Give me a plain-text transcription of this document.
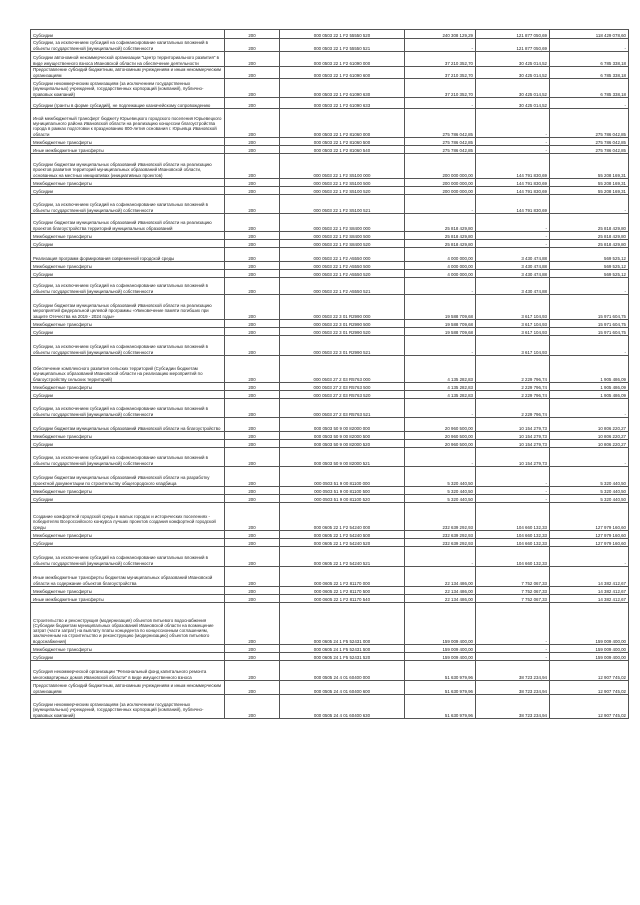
Субсидии	200	000 0503 22 1 F2 55550 520	240 308 129,29	121 877 050,69	118 429 078,60
Субсидии, за исключением субсидий на софинансирование капитальных вложений в объекты государственной (муниципальной) собственности	200	000 0503 22 1 F2 55550 521	-	121 877 050,69	-
Субсидии автономной некоммерческой организации "Центр территориального развития" в виде имущественного взноса Ивановской области на обеспечение деятельности	200	000 0503 22 1 F2 61090 000	37 210 352,70	30 425 014,52	6 785 338,18
Предоставление субсидий бюджетным, автономным учреждениям и иным некоммерческим организациям	200	000 0503 22 1 F2 61090 600	37 210 352,70	30 425 014,52	6 785 338,18
Субсидии некоммерческим организациям (за исключением государственных (муниципальных) учреждений, государственных корпораций (компаний), публично-правовых компаний)	200	000 0503 22 1 F2 61090 630	37 210 352,70	30 425 014,52	6 785 338,18
Субсидии (гранты в форме субсидий), не подлежащие казначейскому сопровождению	200	000 0503 22 1 F2 61090 633	-	30 425 014,52	-
Иной межбюджетный трансферт бюджету Юрьевецкого городского поселения Юрьевецкого муниципального района Ивановской области на реализацию концессии благоустройства города в рамках подготовки к празднованию 800-летия основания г. Юрьевца Ивановской области	200	000 0503 22 1 F2 81060 000	275 786 042,85	-	275 786 042,85
Межбюджетные трансферты	200	000 0503 22 1 F2 81060 500	275 786 042,85	-	275 786 042,85
Иные межбюджетные трансферты	200	000 0503 22 1 F2 81060 540	275 786 042,85	-	275 786 042,85
Субсидии бюджетам муниципальных образований Ивановской области на реализацию проектов развития территорий муниципальных образований Ивановской области, основанных на местных инициативах (инициативных проектов)	200	000 0503 22 1 F2 S5100 000	200 000 000,00	144 791 830,69	55 208 169,31
Межбюджетные трансферты	200	000 0503 22 1 F2 S5100 500	200 000 000,00	144 791 830,69	55 208 169,31
Субсидии	200	000 0503 22 1 F2 S5100 520	200 000 000,00	144 791 830,69	55 208 169,31
Субсидии, за исключением субсидий на софинансирование капитальных вложений в объекты государственной (муниципальной) собственности	200	000 0503 22 1 F2 S5100 521	-	144 791 830,69	-
Субсидии бюджетам муниципальных образований Ивановской области на реализацию проектов благоустройства территорий муниципальных образований	200	000 0503 22 1 F2 S8400 000	25 818 429,80	-	25 818 429,80
Межбюджетные трансферты	200	000 0503 22 1 F2 S8400 500	25 818 429,80	-	25 818 429,80
Субсидии	200	000 0503 22 1 F2 S8400 520	25 818 429,80	-	25 818 429,80
Реализация программ формирования современной городской среды	200	000 0503 22 1 F2 А5550 000	4 000 000,00	3 430 474,88	569 525,12
Межбюджетные трансферты	200	000 0503 22 1 F2 А5550 500	4 000 000,00	3 430 474,88	569 525,12
Субсидии	200	000 0503 22 1 F2 А5550 520	4 000 000,00	3 430 474,88	569 525,12
Субсидии, за исключением субсидий на софинансирование капитальных вложений в объекты государственной (муниципальной) собственности	200	000 0503 22 1 F2 А5550 521	-	3 430 474,88	-
Субсидии бюджетам муниципальных образований Ивановской области на реализацию мероприятий федеральной целевой программы «Увековечение памяти погибших при защите Отечества на 2019 - 2024 годы»	200	000 0503 22 3 01 R2990 000	19 588 709,68	3 617 104,93	15 971 604,75
Межбюджетные трансферты	200	000 0503 22 3 01 R2990 500	19 588 709,68	3 617 104,93	15 971 604,75
Субсидии	200	000 0503 22 3 01 R2990 520	19 588 709,68	3 617 104,93	15 971 604,75
Субсидии, за исключением субсидий на софинансирование капитальных вложений в объекты государственной (муниципальной) собственности	200	000 0503 22 3 01 R2990 521	-	3 617 104,93	-
Обеспечение комплексного развития сельских территорий (Субсидии бюджетам муниципальных образований Ивановской области на реализацию мероприятий по благоустройству сельских территорий)	200	000 0503 27 2 03 R5763 000	4 135 282,83	2 229 796,74	1 905 486,09
Межбюджетные трансферты	200	000 0503 27 2 03 R5763 500	4 135 282,83	2 229 796,74	1 905 486,09
Субсидии	200	000 0503 27 2 03 R5763 520	4 135 282,83	2 229 796,74	1 905 486,09
Субсидии, за исключением субсидий на софинансирование капитальных вложений в объекты государственной (муниципальной) собственности	200	000 0503 27 2 03 R5763 521	-	2 229 796,74	-
Субсидии бюджетам муниципальных образований Ивановской области на благоустройство	200	000 0503 50 9 00 82000 000	20 960 500,00	10 154 279,73	10 806 220,27
Межбюджетные трансферты	200	000 0503 50 9 00 82000 500	20 960 500,00	10 154 279,73	10 806 220,27
Субсидии	200	000 0503 50 9 00 82000 520	20 960 500,00	10 154 279,73	10 806 220,27
Субсидии, за исключением субсидий на софинансирование капитальных вложений в объекты государственной (муниципальной) собственности	200	000 0503 50 9 00 82000 521	-	10 154 279,73	-
Субсидии бюджетам муниципальных образований Ивановской области на разработку проектной документации по строительству общегородского кладбища	200	000 0503 51 9 00 81100 000	5 320 440,50	-	5 320 440,50
Межбюджетные трансферты	200	000 0503 51 9 00 81100 500	5 320 440,50	-	5 320 440,50
Субсидии	200	000 0503 51 9 00 81100 520	5 320 440,50	-	5 320 440,50
Создание комфортной городской среды в малых городах и исторических поселениях - победителях Всероссийского конкурса лучших проектов создания комфортной городской среды	200	000 0605 22 1 F2 54240 000	232 639 292,93	104 660 132,33	127 979 160,60
Межбюджетные трансферты	200	000 0605 22 1 F2 54240 500	232 639 292,93	104 660 132,33	127 979 160,60
Субсидии	200	000 0605 22 1 F2 54240 520	232 639 292,93	104 660 132,33	127 979 160,60
Субсидии, за исключением субсидий на софинансирование капитальных вложений в объекты государственной (муниципальной) собственности	200	000 0605 22 1 F2 54240 521	-	104 660 132,33	-
Иные межбюджетные трансферты бюджетам муниципальных образований Ивановской области на содержание объектов благоустройства	200	000 0605 22 1 F2 81170 000	22 134 486,00	7 752 067,33	14 382 412,67
Межбюджетные трансферты	200	000 0605 22 1 F2 81170 500	22 134 486,00	7 752 067,33	14 382 412,67
Иные межбюджетные трансферты	200	000 0605 22 1 F2 81170 540	22 134 486,00	7 752 067,33	14 382 412,67
Строительство и реконструкция (модернизация) объектов питьевого водоснабжения (Субсидии бюджетам муниципальных образований Ивановской области на возмещение затрат (части затрат) на выплату платы концедента по концессионным соглашениям, заключенным на строительство и реконструкцию (модернизацию) объектов питьевого водоснабжения)	200	000 0605 24 1 F5 52431 000	159 009 400,00	-	159 009 400,00
Межбюджетные трансферты	200	000 0605 24 1 F5 52431 500	159 009 400,00	-	159 009 400,00
Субсидии	200	000 0605 24 1 F5 52431 520	159 009 400,00	-	159 009 400,00
Субсидия некоммерческой организации "Региональный фонд капитального ремонта многоквартирных домов Ивановской области" в виде имущественного взноса	200	000 0505 24 4 01 60400 000	51 630 979,96	38 723 234,94	12 907 745,02
Предоставление субсидий бюджетным, автономным учреждениям и иным некоммерческим организациям	200	000 0505 24 4 01 60400 600	51 630 979,96	38 723 234,94	12 907 745,02
Субсидии некоммерческим организациям (за исключением государственных (муниципальных) учреждений, государственных корпораций (компаний), публично-правовых компаний)	200	000 0505 24 4 01 60400 630	51 630 979,96	38 723 234,94	12 907 745,02
